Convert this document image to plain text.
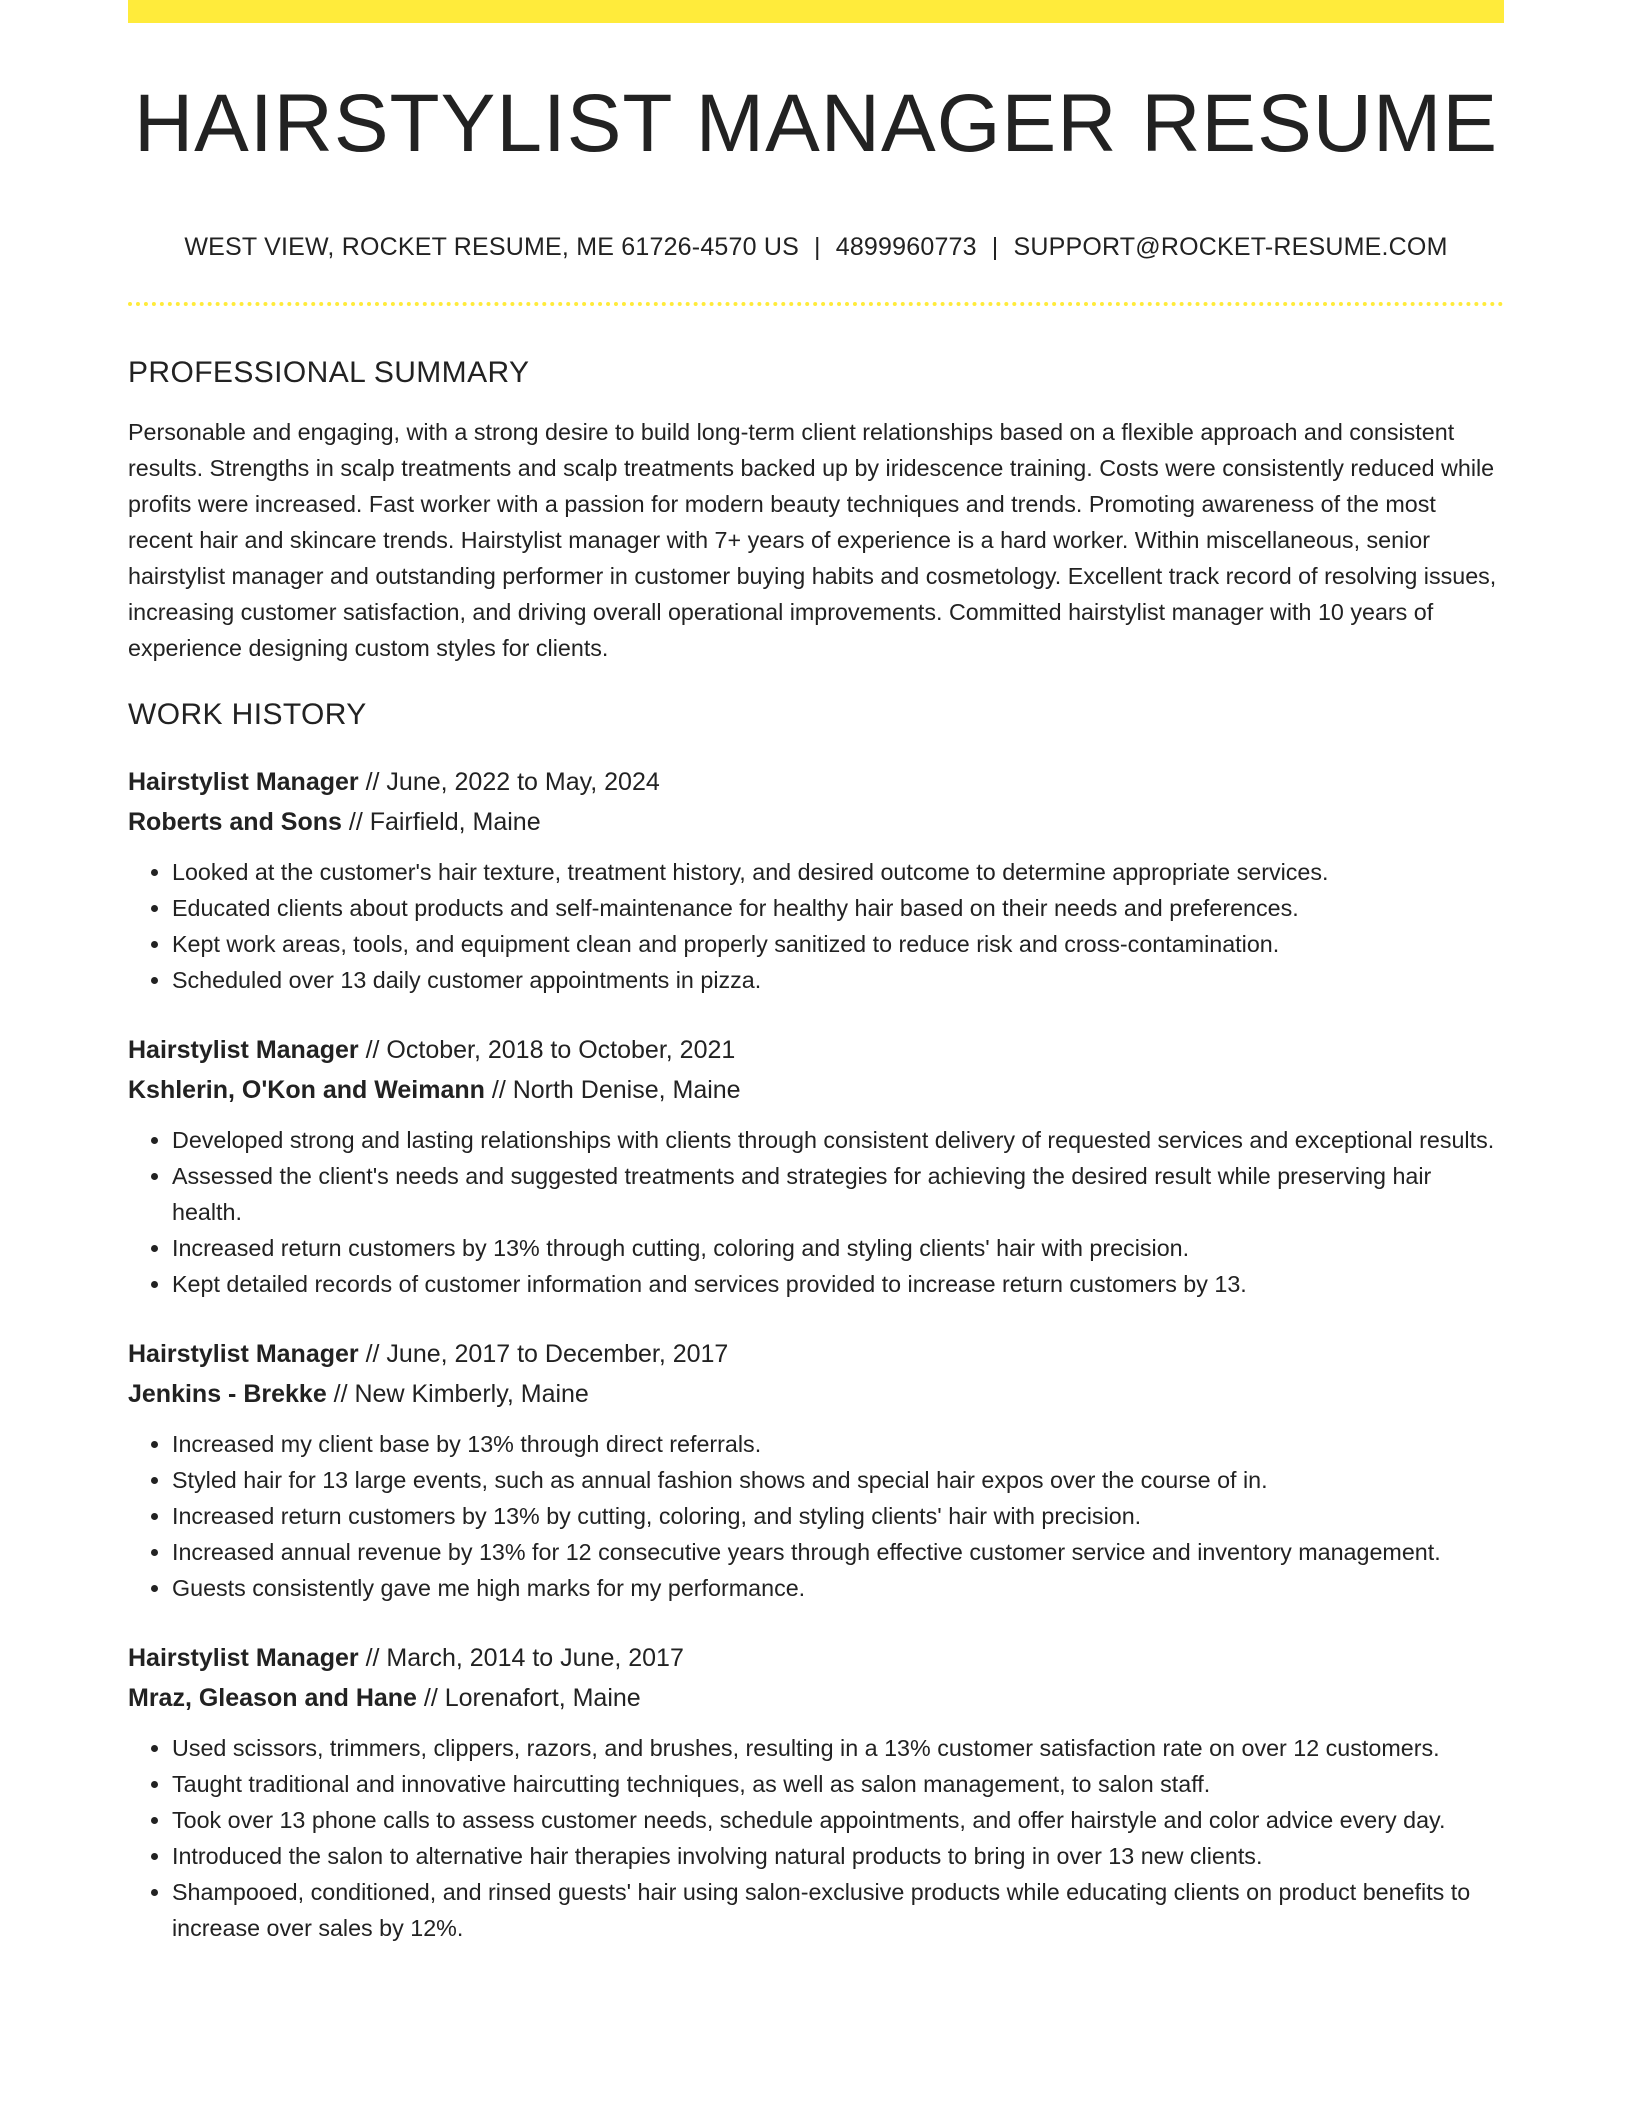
HAIRSTYLIST MANAGER RESUME
WEST VIEW, ROCKET RESUME, ME 61726-4570 US | 4899960773 | SUPPORT@ROCKET-RESUME.COM
PROFESSIONAL SUMMARY

Personable and engaging, with a strong desire to build long-term client relationships based on a flexible approach and consistent results. Strengths in scalp treatments and scalp treatments backed up by iridescence training. Costs were consistently reduced while profits were increased. Fast worker with a passion for modern beauty techniques and trends. Promoting awareness of the most recent hair and skincare trends. Hairstylist manager with 7+ years of experience is a hard worker. Within miscellaneous, senior hairstylist manager and outstanding performer in customer buying habits and cosmetology. Excellent track record of resolving issues, increasing customer satisfaction, and driving overall operational improvements. Committed hairstylist manager with 10 years of experience designing custom styles for clients.

WORK HISTORY
Hairstylist Manager // June, 2022 to May, 2024
Roberts and Sons // Fairfield, Maine
• Looked at the customer's hair texture, treatment history, and desired outcome to determine appropriate services.
• Educated clients about products and self-maintenance for healthy hair based on their needs and preferences.
• Kept work areas, tools, and equipment clean and properly sanitized to reduce risk and cross-contamination.
• Scheduled over 13 daily customer appointments in pizza.
Hairstylist Manager // October, 2018 to October, 2021
Kshlerin, O'Kon and Weimann // North Denise, Maine
• Developed strong and lasting relationships with clients through consistent delivery of requested services and exceptional results.
• Assessed the client's needs and suggested treatments and strategies for achieving the desired result while preserving hair health.
• Increased return customers by 13% through cutting, coloring and styling clients' hair with precision.
• Kept detailed records of customer information and services provided to increase return customers by 13.
Hairstylist Manager // June, 2017 to December, 2017
Jenkins - Brekke // New Kimberly, Maine
• Increased my client base by 13% through direct referrals.
• Styled hair for 13 large events, such as annual fashion shows and special hair expos over the course of in.
• Increased return customers by 13% by cutting, coloring, and styling clients' hair with precision.
• Increased annual revenue by 13% for 12 consecutive years through effective customer service and inventory management.
• Guests consistently gave me high marks for my performance.
Hairstylist Manager // March, 2014 to June, 2017
Mraz, Gleason and Hane // Lorenafort, Maine
• Used scissors, trimmers, clippers, razors, and brushes, resulting in a 13% customer satisfaction rate on over 12 customers.
• Taught traditional and innovative haircutting techniques, as well as salon management, to salon staff.
• Took over 13 phone calls to assess customer needs, schedule appointments, and offer hairstyle and color advice every day.
• Introduced the salon to alternative hair therapies involving natural products to bring in over 13 new clients.
• Shampooed, conditioned, and rinsed guests' hair using salon-exclusive products while educating clients on product benefits to increase over sales by 12%.
